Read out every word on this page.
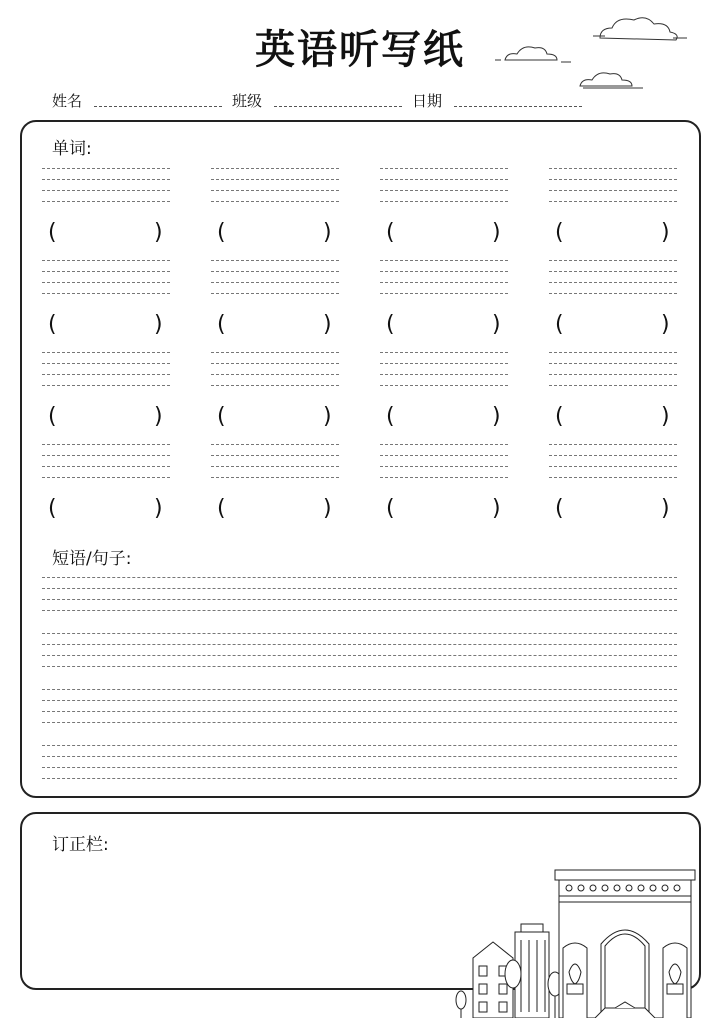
英语听写纸
姓名	班级	日期
单词:
(	) (	) (	) (	)
(	) (	) (	) (	)
(	) (	) (	) (	)
(	) (	) (	) (	)
短语/句子:
订正栏:
